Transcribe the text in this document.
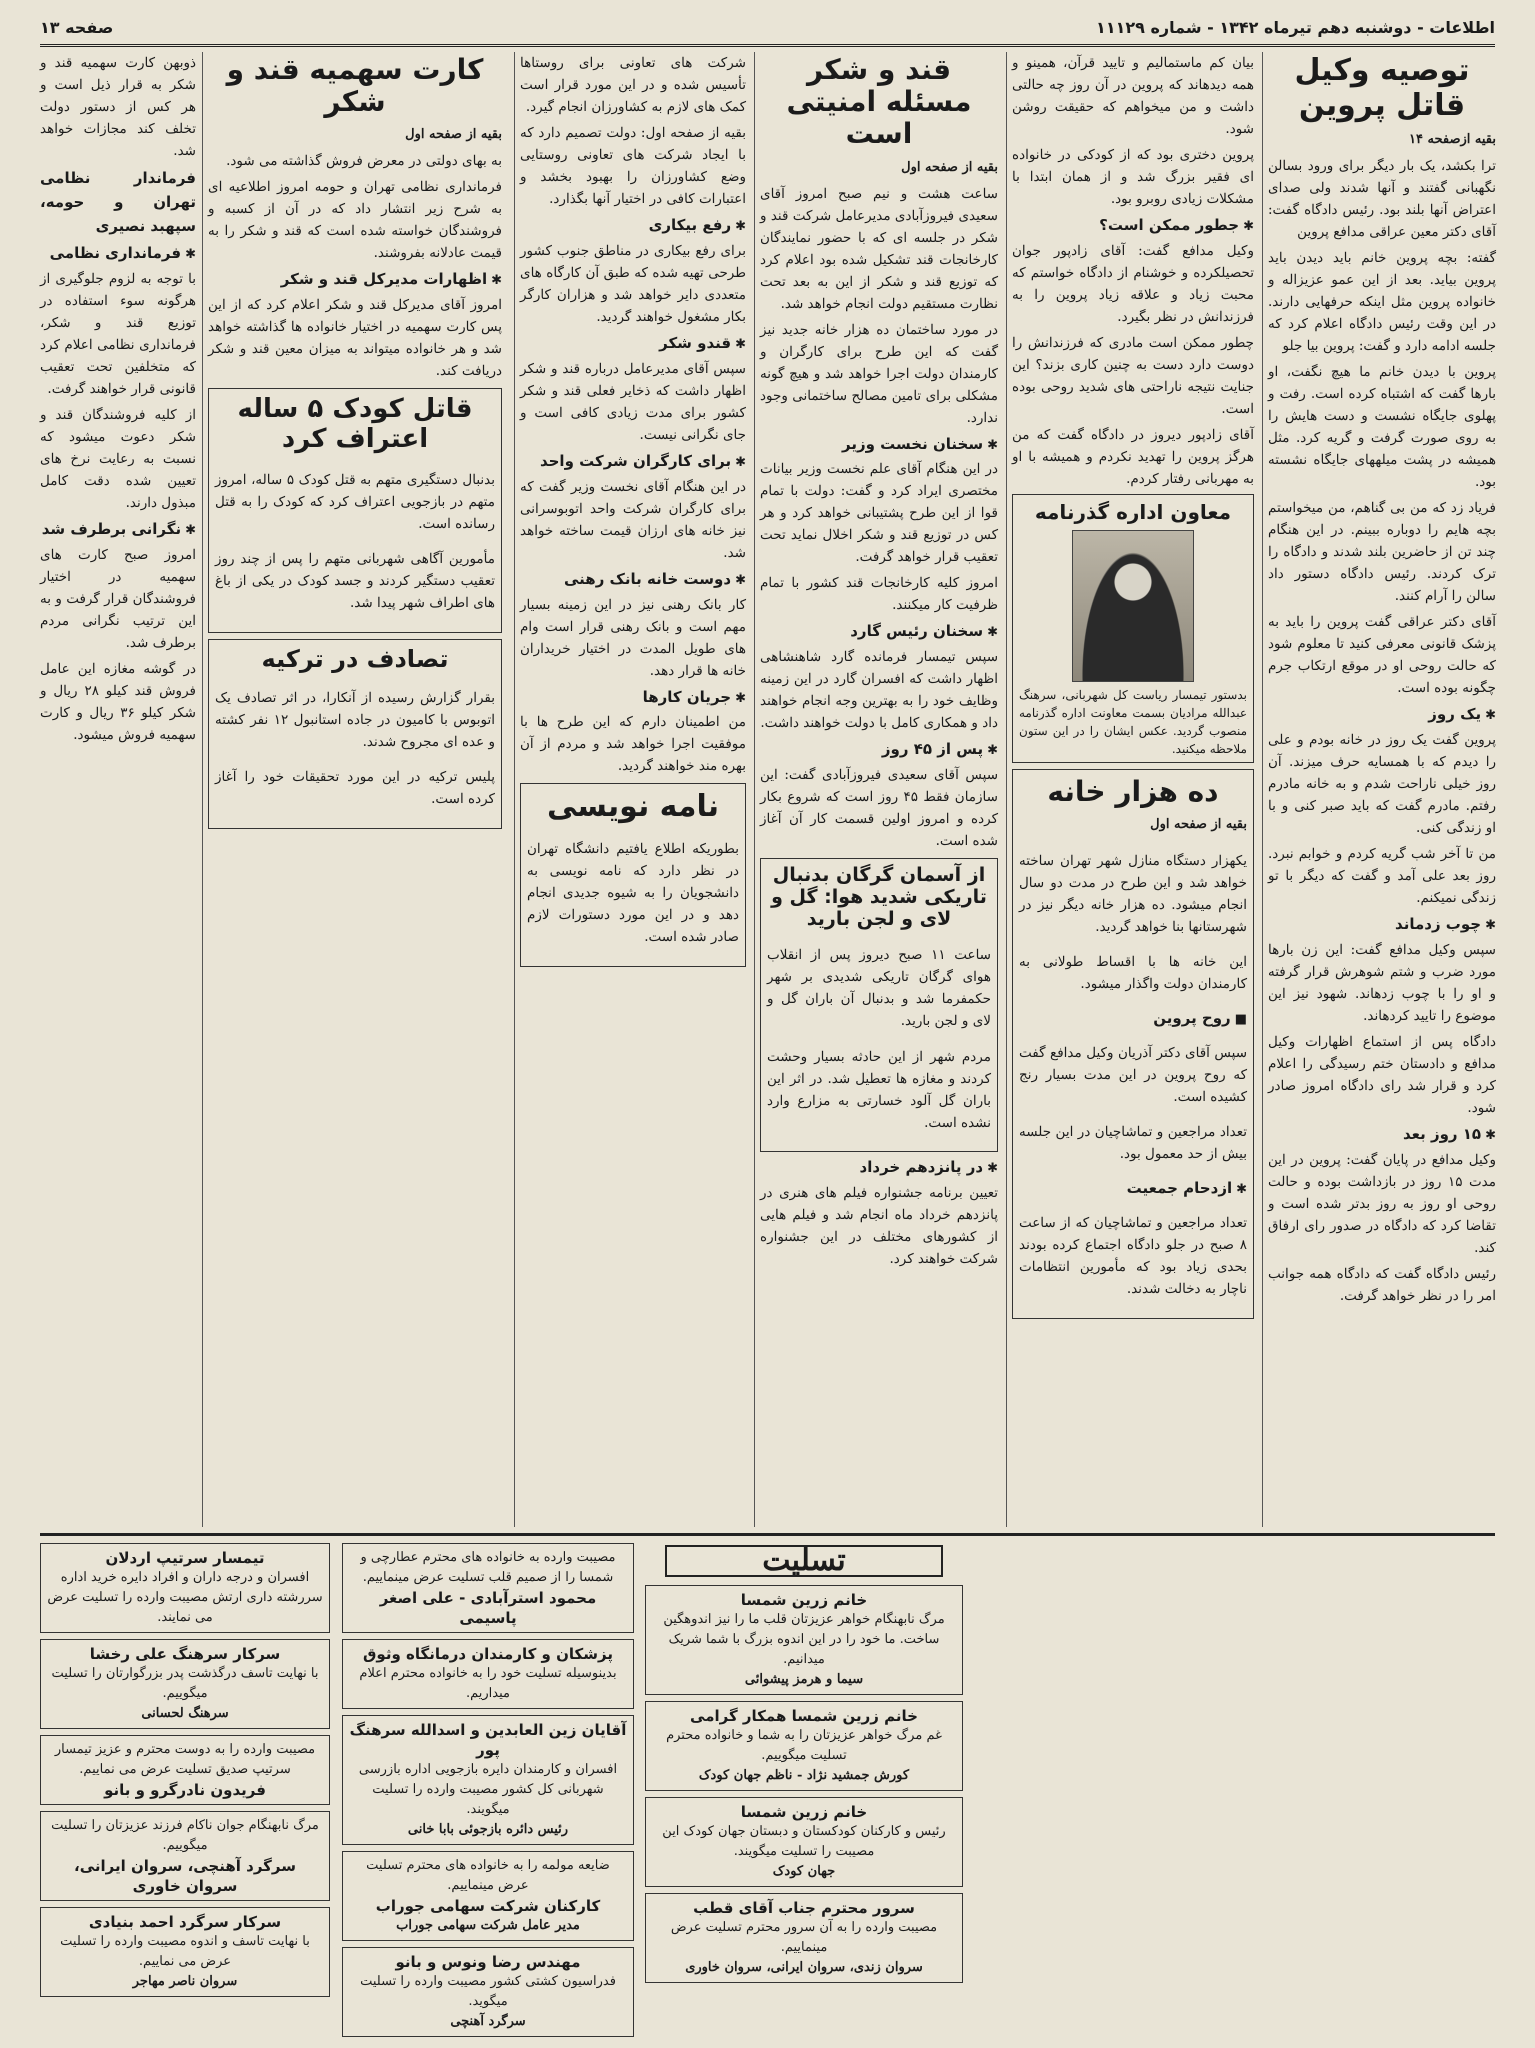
اطلاعات - دوشنبه دهم تیرماه ۱۳۴۲ - شماره ۱۱۱۲۹
صفحه ۱۳
توصیه وکیل قاتل پروین
بقیه ازصفحه ۱۴

ترا بکشد، یک بار دیگر برای ورود بسالن نگهبانی گفتند و آنها شدند ولی صدای اعتراض آنها بلند بود. رئیس دادگاه گفت: آقای دکتر معین عراقی مدافع پروین

گفته: بچه پروین خانم باید دیدن باید پروین بیاید. بعد از این عمو عزیزاله و خانواده پروین مثل اینکه حرفهایی دارند. در این وقت رئیس دادگاه اعلام کرد که جلسه ادامه دارد و گفت: پروین بیا جلو

پروین با دیدن خانم ما هیچ نگفت، او بارها گفت که اشتباه کرده است. رفت و پهلوی جایگاه نشست و دست هایش را به روی صورت گرفت و گریه کرد. مثل همیشه در پشت میلههای جایگاه نشسته بود.

فریاد زد که من بی گناهم، من میخواستم بچه هایم را دوباره ببینم. در این هنگام چند تن از حاضرین بلند شدند و دادگاه را ترک کردند. رئیس دادگاه دستور داد سالن را آرام کنند.

آقای دکتر عراقی گفت پروین را باید به پزشک قانونی معرفی کنید تا معلوم شود که حالت روحی او در موقع ارتکاب جرم چگونه بوده است.

✱یک روز

پروین گفت یک روز در خانه بودم و علی را دیدم که با همسایه حرف میزند. آن روز خیلی ناراحت شدم و به خانه مادرم رفتم. مادرم گفت که باید صبر کنی و با او زندگی کنی.

من تا آخر شب گریه کردم و خوابم نبرد. روز بعد علی آمد و گفت که دیگر با تو زندگی نمیکنم.

✱چوب زدماند

سپس وکیل مدافع گفت: این زن بارها مورد ضرب و شتم شوهرش قرار گرفته و او را با چوب زدهاند. شهود نیز این موضوع را تایید کردهاند.

دادگاه پس از استماع اظهارات وکیل مدافع و دادستان ختم رسیدگی را اعلام کرد و قرار شد رای دادگاه امروز صادر شود.

✱۱۵ روز بعد

وکیل مدافع در پایان گفت: پروین در این مدت ۱۵ روز در بازداشت بوده و حالت روحی او روز به روز بدتر شده است و تقاضا کرد که دادگاه در صدور رای ارفاق کند.

رئیس دادگاه گفت که دادگاه همه جوانب امر را در نظر خواهد گرفت.

بیان کم ماستمالیم و تایید قرآن، همینو و همه دیدهاند که پروین در آن روز چه حالتی داشت و من میخواهم که حقیقت روشن شود.

پروین دختری بود که از کودکی در خانواده ای فقیر بزرگ شد و از همان ابتدا با مشکلات زیادی روبرو بود.

✱جطور ممکن است؟

وکیل مدافع گفت: آقای زادپور جوان تحصیلکرده و خوشنام از دادگاه خواستم که محبت زیاد و علاقه زیاد پروین را به فرزندانش در نظر بگیرد.

چطور ممکن است مادری که فرزندانش را دوست دارد دست به چنین کاری بزند؟ این جنایت نتیجه ناراحتی های شدید روحی بوده است.

آقای زادپور دیروز در دادگاه گفت که من هرگز پروین را تهدید نکردم و همیشه با او به مهربانی رفتار کردم.

معاون اداره گذرنامه
بدستور تیمسار ریاست کل شهربانی، سرهنگ عبدالله مرادیان بسمت معاونت اداره گذرنامه منصوب گردید. عکس ایشان را در این ستون ملاحظه میکنید.
ده هزار خانه
بقیه از صفحه اول

یکهزار دستگاه منازل شهر تهران ساخته خواهد شد و این طرح در مدت دو سال انجام میشود. ده هزار خانه دیگر نیز در شهرستانها بنا خواهد گردید.

این خانه ها با اقساط طولانی به کارمندان دولت واگذار میشود.

■روح پروین

سپس آقای دکتر آذریان وکیل مدافع گفت که روح پروین در این مدت بسیار رنج کشیده است.

تعداد مراجعین و تماشاچیان در این جلسه بیش از حد معمول بود.

✱ازدحام جمعیت

تعداد مراجعین و تماشاچیان که از ساعت ۸ صبح در جلو دادگاه اجتماع کرده بودند بحدی زیاد بود که مأمورین انتظامات ناچار به دخالت شدند.

قند و شکر مسئله امنیتی است
بقیه از صفحه اول

ساعت هشت و نیم صبح امروز آقای سعیدی فیروزآبادی مدیرعامل شرکت قند و شکر در جلسه ای که با حضور نمایندگان کارخانجات قند تشکیل شده بود اعلام کرد که توزیع قند و شکر از این به بعد تحت نظارت مستقیم دولت انجام خواهد شد.

در مورد ساختمان ده هزار خانه جدید نیز گفت که این طرح برای کارگران و کارمندان دولت اجرا خواهد شد و هیچ گونه مشکلی برای تامین مصالح ساختمانی وجود ندارد.

✱سخنان نخست وزیر

در این هنگام آقای علم نخست وزیر بیانات مختصری ایراد کرد و گفت: دولت با تمام قوا از این طرح پشتیبانی خواهد کرد و هر کس در توزیع قند و شکر اخلال نماید تحت تعقیب قرار خواهد گرفت.

امروز کلیه کارخانجات قند کشور با تمام ظرفیت کار میکنند.

✱سخنان رئیس گارد

سپس تیمسار فرمانده گارد شاهنشاهی اظهار داشت که افسران گارد در این زمینه وظایف خود را به بهترین وجه انجام خواهند داد و همکاری کامل با دولت خواهند داشت.

✱پس از ۴۵ روز

سپس آقای سعیدی فیروزآبادی گفت: این سازمان فقط ۴۵ روز است که شروع بکار کرده و امروز اولین قسمت کار آن آغاز شده است.

از آسمان گرگان بدنبال تاریکی شدید هوا: گل و لای و لجن بارید

ساعت ۱۱ صبح دیروز پس از انقلاب هوای گرگان تاریکی شدیدی بر شهر حکمفرما شد و بدنبال آن باران گل و لای و لجن بارید.

مردم شهر از این حادثه بسیار وحشت کردند و مغازه ها تعطیل شد. در اثر این باران گل آلود خسارتی به مزارع وارد نشده است.

✱در پانزدهم خرداد

تعیین برنامه جشنواره فیلم های هنری در پانزدهم خرداد ماه انجام شد و فیلم هایی از کشورهای مختلف در این جشنواره شرکت خواهند کرد.

شرکت های تعاونی برای روستاها تأسیس شده و در این مورد قرار است کمک های لازم به کشاورزان انجام گیرد.

بقیه از صفحه اول: دولت تصمیم دارد که با ایجاد شرکت های تعاونی روستایی وضع کشاورزان را بهبود بخشد و اعتبارات کافی در اختیار آنها بگذارد.

✱رفع بیکاری

برای رفع بیکاری در مناطق جنوب کشور طرحی تهیه شده که طبق آن کارگاه های متعددی دایر خواهد شد و هزاران کارگر بکار مشغول خواهند گردید.

✱قندو شکر

سپس آقای مدیرعامل درباره قند و شکر اظهار داشت که ذخایر فعلی قند و شکر کشور برای مدت زیادی کافی است و جای نگرانی نیست.

✱برای کارگران شرکت واحد

در این هنگام آقای نخست وزیر گفت که برای کارگران شرکت واحد اتوبوسرانی نیز خانه های ارزان قیمت ساخته خواهد شد.

✱دوست خانه بانک رهنی

کار بانک رهنی نیز در این زمینه بسیار مهم است و بانک رهنی قرار است وام های طویل المدت در اختیار خریداران خانه ها قرار دهد.

✱جریان کارها

من اطمینان دارم که این طرح ها با موفقیت اجرا خواهد شد و مردم از آن بهره مند خواهند گردید.

نامه نویسی

بطوریکه اطلاع یافتیم دانشگاه تهران در نظر دارد که نامه نویسی به دانشجویان را به شیوه جدیدی انجام دهد و در این مورد دستورات لازم صادر شده است.

کارت سهمیه قند و شکر
بقیه از صفحه اول

به بهای دولتی در معرض فروش گذاشته می شود.

فرمانداری نظامی تهران و حومه امروز اطلاعیه ای به شرح زیر انتشار داد که در آن از کسبه و فروشندگان خواسته شده است که قند و شکر را به قیمت عادلانه بفروشند.

✱اظهارات مدیرکل قند و شکر

امروز آقای مدیرکل قند و شکر اعلام کرد که از این پس کارت سهمیه در اختیار خانواده ها گذاشته خواهد شد و هر خانواده میتواند به میزان معین قند و شکر دریافت کند.

قاتل کودک ۵ ساله اعتراف کرد

بدنبال دستگیری متهم به قتل کودک ۵ ساله، امروز متهم در بازجویی اعتراف کرد که کودک را به قتل رسانده است.

مأمورین آگاهی شهربانی متهم را پس از چند روز تعقیب دستگیر کردند و جسد کودک در یکی از باغ های اطراف شهر پیدا شد.

تصادف در ترکیه

بقرار گزارش رسیده از آنکارا، در اثر تصادف یک اتوبوس با کامیون در جاده استانبول ۱۲ نفر کشته و عده ای مجروح شدند.

پلیس ترکیه در این مورد تحقیقات خود را آغاز کرده است.

ذوبهن کارت سهمیه قند و شکر به قرار ذیل است و هر کس از دستور دولت تخلف کند مجازات خواهد شد.

فرماندار نظامی تهران و حومه، سپهبد نصیری

✱فرمانداری نظامی

با توجه به لزوم جلوگیری از هرگونه سوء استفاده در توزیع قند و شکر، فرمانداری نظامی اعلام کرد که متخلفین تحت تعقیب قانونی قرار خواهند گرفت.

از کلیه فروشندگان قند و شکر دعوت میشود که نسبت به رعایت نرخ های تعیین شده دقت کامل مبذول دارند.

✱نگرانی برطرف شد

امروز صبح کارت های سهمیه در اختیار فروشندگان قرار گرفت و به این ترتیب نگرانی مردم برطرف شد.

در گوشه مغازه این عامل فروش قند کیلو ۲۸ ریال و شکر کیلو ۳۶ ریال و کارت سهمیه فروش میشود.

تسلیت
خانم زرین شمسا
مرگ نابهنگام خواهر عزیزتان قلب ما را نیز اندوهگین ساخت. ما خود را در این اندوه بزرگ با شما شریک میدانیم.
سیما و هرمز پیشوائی
خانم زرین شمسا همکار گرامی
غم مرگ خواهر عزیزتان را به شما و خانواده محترم تسلیت میگوییم.
کورش جمشید نژاد - ناظم جهان کودک
خانم زرین شمسا
رئیس و کارکنان کودکستان و دبستان جهان کودک این مصیبت را تسلیت میگویند.
جهان کودک
سرور محترم جناب آقای قطب
مصیبت وارده را به آن سرور محترم تسلیت عرض مینماییم.
سروان زندی، سروان ایرانی، سروان خاوری
مصیبت وارده به خانواده های محترم عطارچی و شمسا را از صمیم قلب تسلیت عرض مینماییم.
محمود استرآبادی - علی اصغر پاسیمی
پزشکان و کارمندان درمانگاه وثوق
بدینوسیله تسلیت خود را به خانواده محترم اعلام میداریم.
آقایان زین العابدین و اسدالله سرهنگ پور
افسران و کارمندان دایره بازجویی اداره بازرسی شهربانی کل کشور مصیبت وارده را تسلیت میگویند.
رئیس دائره بازجوئی بابا خانی
ضایعه مولمه را به خانواده های محترم تسلیت عرض مینماییم.
کارکنان شرکت سهامی جوراب
مدیر عامل شرکت سهامی جوراب
مهندس رضا ونوس و بانو
فدراسیون کشتی کشور مصیبت وارده را تسلیت میگوید.
سرگرد آهنچی
تیمسار سرتیپ اردلان
افسران و درجه داران و افراد دایره خرید اداره سررشته داری ارتش مصیبت وارده را تسلیت عرض می نمایند.
سرکار سرهنگ علی رخشا
با نهایت تاسف درگذشت پدر بزرگوارتان را تسلیت میگوییم.
سرهنگ لحسانی
مصیبت وارده را به دوست محترم و عزیز تیمسار سرتیپ صدیق تسلیت عرض می نماییم.
فریدون نادرگرو و بانو
مرگ نابهنگام جوان ناکام فرزند عزیزتان را تسلیت میگوییم.
سرگرد آهنچی، سروان ایرانی، سروان خاوری
سرکار سرگرد احمد بنیادی
با نهایت تاسف و اندوه مصیبت وارده را تسلیت عرض می نماییم.
سروان ناصر مهاجر
